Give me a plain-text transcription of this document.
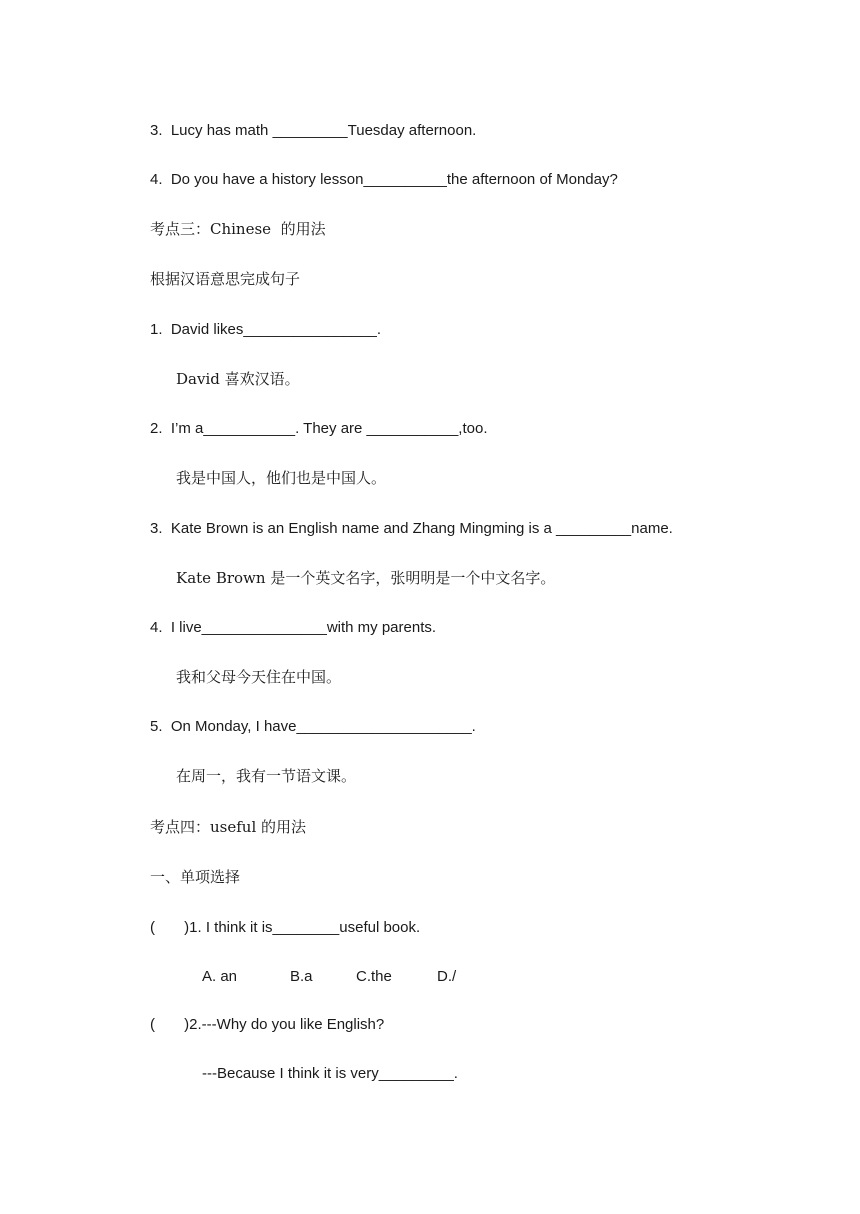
3.  Lucy has math _________Tuesday afternoon.
4.  Do you have a history lesson__________the afternoon of Monday?
考点三：Chinese  的用法
根据汉语意思完成句子
1.  David likes________________.
David 喜欢汉语。
2.  I’m a___________. They are ___________,too.
我是中国人，他们也是中国人。
3.  Kate Brown is an English name and Zhang Mingming is a _________name.
Kate Brown 是一个英文名字，张明明是一个中文名字。
4.  I live_______________with my parents.
我和父母今天住在中国。
5.  On Monday, I have_____________________.
在周一，我有一节语文课。
考点四：useful 的用法
一、单项选择
(       )1. I think it is________useful book.
A. an	B.a	C.the	D./
(       )2.---Why do you like English?
---Because I think it is very_________.
